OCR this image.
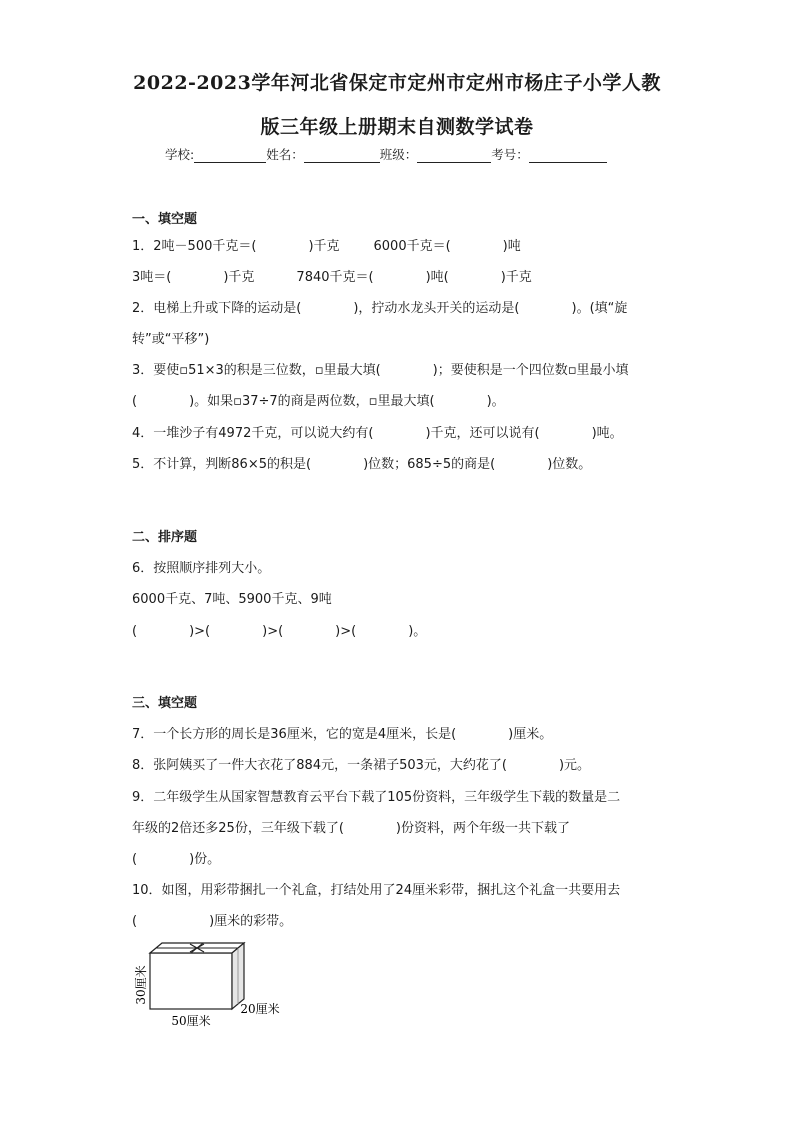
2022-2023学年河北省保定市定州市定州市杨庄子小学人教
版三年级上册期末自测数学试卷
学校:	姓名：	班级：	考号：
一、填空题
1．2吨－500千克＝(	)千克	6000千克＝(	)吨
3吨＝(	)千克	7840千克＝(	)吨(	)千克
2．电梯上升或下降的运动是(	)，拧动水龙头开关的运动是(	)。(填“旋
转”或“平移”)
3．要使▫51×3的积是三位数，▫里最大填(	)；要使积是一个四位数▫里最小填
(	)。如果▫37÷7的商是两位数，▫里最大填(	)。
4．一堆沙子有4972千克，可以说大约有(	)千克，还可以说有(	)吨。
5．不计算，判断86×5的积是(	)位数；685÷5的商是(	)位数。
二、排序题
6．按照顺序排列大小。
6000千克、7吨、5900千克、9吨
(	)>(	)>(	)>(	)。
三、填空题
7．一个长方形的周长是36厘米，它的宽是4厘米，长是(	)厘米。
8．张阿姨买了一件大衣花了884元，一条裙子503元，大约花了(	)元。
9．二年级学生从国家智慧教育云平台下载了105份资料，三年级学生下载的数量是二
年级的2倍还多25份，三年级下载了(	)份资料，两个年级一共下载了
(	)份。
10．如图，用彩带捆扎一个礼盒，打结处用了24厘米彩带，捆扎这个礼盒一共要用去
(	)厘米的彩带。
30厘米
50厘米
20厘米
